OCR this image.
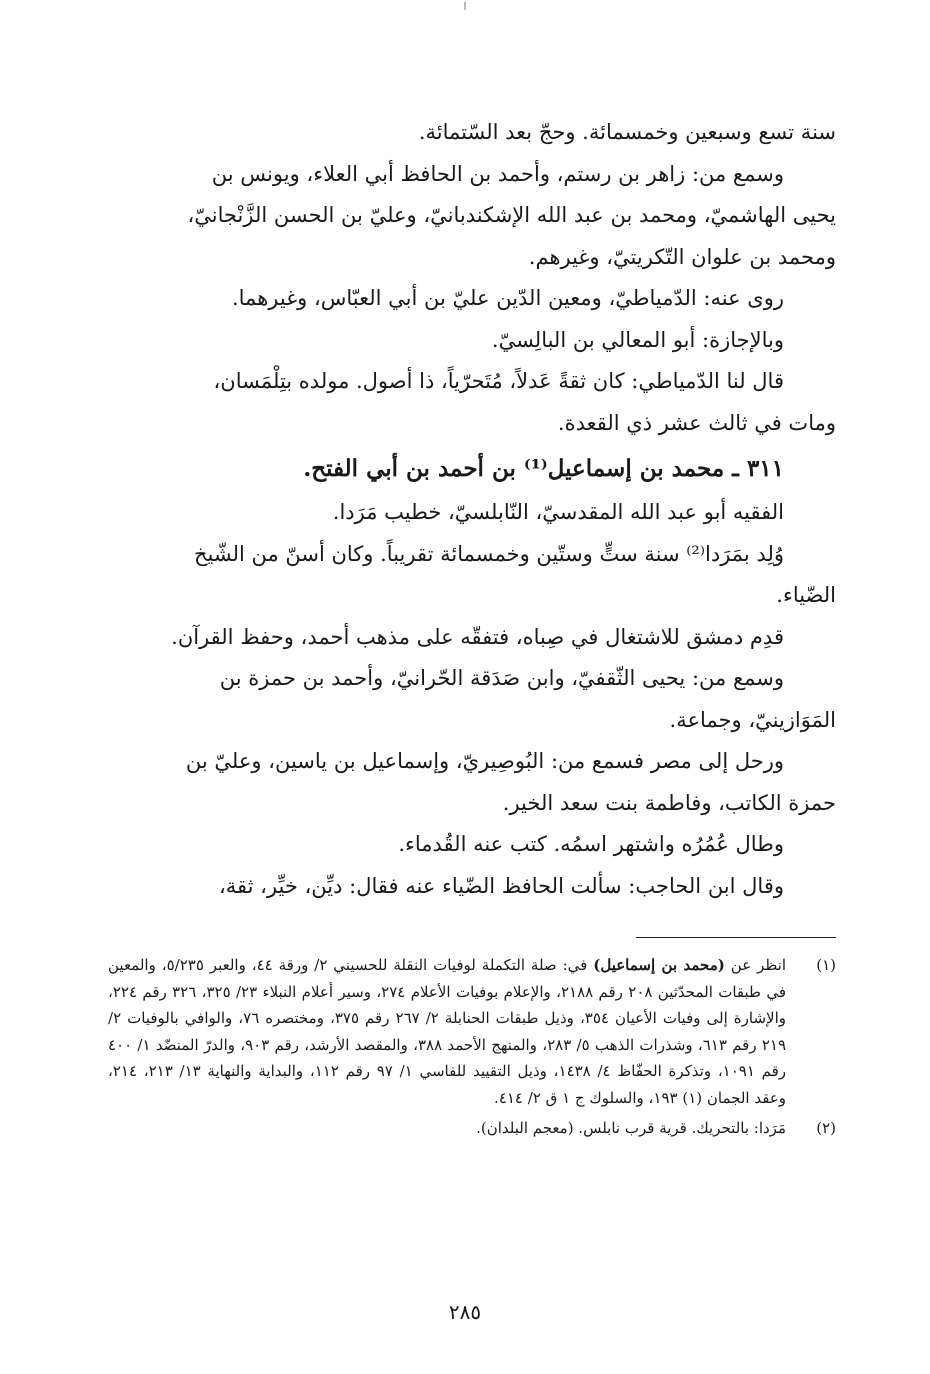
سنة تسع وسبعين وخمسمائة. وحجّ بعد السّتمائة.
وسمع من: زاهر بن رستم، وأحمد بن الحافظ أبي العلاء، ويونس بن
يحيى الهاشميّ، ومحمد بن عبد الله الإشكندبانيّ، وعليّ بن الحسن الزَّنْجانيّ،
ومحمد بن علوان التّكريتيّ، وغيرهم.
روى عنه: الدّمياطيّ، ومعين الدّين عليّ بن أبي العبّاس، وغيرهما.
وبالإجازة: أبو المعالي بن البالِسيّ.
قال لنا الدّمياطي: كان ثقةً عَدلاً، مُتَحرّياً، ذا أصول. مولده بتِلْمَسان،
ومات في ثالث عشر ذي القعدة.
٣١١ ـ محمد بن إسماعيل⁽¹⁾ بن أحمد بن أبي الفتح.
الفقيه أبو عبد الله المقدسيّ، النّابلسيّ، خطيب مَرَدا.
وُلِد بمَرَدا⁽²⁾ سنة ستٍّ وستّين وخمسمائة تقريباً. وكان أسنّ من الشّيخ
الضّياء.
قدِم دمشق للاشتغال في صِباه، فتفقّه على مذهب أحمد، وحفظ القرآن.
وسمع من: يحيى الثّقفيّ، وابن صَدَقة الحّرانيّ، وأحمد بن حمزة بن
المَوَازينيّ، وجماعة.
ورحل إلى مصر فسمع من: البُوصِيريّ، وإسماعيل بن ياسين، وعليّ بن
حمزة الكاتب، وفاطمة بنت سعد الخير.
وطال عُمُرُه واشتهر اسمُه. كتب عنه القُدماء.
وقال ابن الحاجب: سألت الحافظ الضّياء عنه فقال: ديِّن، خيِّر، ثقة،
(١)
انظر عن (محمد بن إسماعيل) في: صلة التكملة لوفيات النقلة للحسيني ٢/ ورقة ٤٤، والعبر ٥/٢٣٥، والمعين في طبقات المحدّثين ٢٠٨ رقم ٢١٨٨، والإعلام بوفيات الأعلام ٢٧٤، وسير أعلام النبلاء ٢٣/ ٣٢٥، ٣٢٦ رقم ٢٢٤، والإشارة إلى وفيات الأعيان ٣٥٤، وذيل طبقات الحنابلة ٢/ ٢٦٧ رقم ٣٧٥، ومختصره ٧٦، والوافي بالوفيات ٢/ ٢١٩ رقم ٦١٣، وشذرات الذهب ٥/ ٢٨٣، والمنهج الأحمد ٣٨٨، والمقصد الأرشد، رقم ٩٠٣، والدرّ المنضّد ١/ ٤٠٠ رقم ١٠٩١، وتذكرة الحفّاظ ٤/ ١٤٣٨، وذيل التقييد للفاسي ١/ ٩٧ رقم ١١٢، والبداية والنهاية ١٣/ ٢١٣، ٢١٤، وعقد الجمان (١) ١٩٣، والسلوك ج ١ ق ٢/ ٤١٤.
(٢)
مَرَدا: بالتحريك. قرية قرب نابلس. (معجم البلدان).
٢٨٥
